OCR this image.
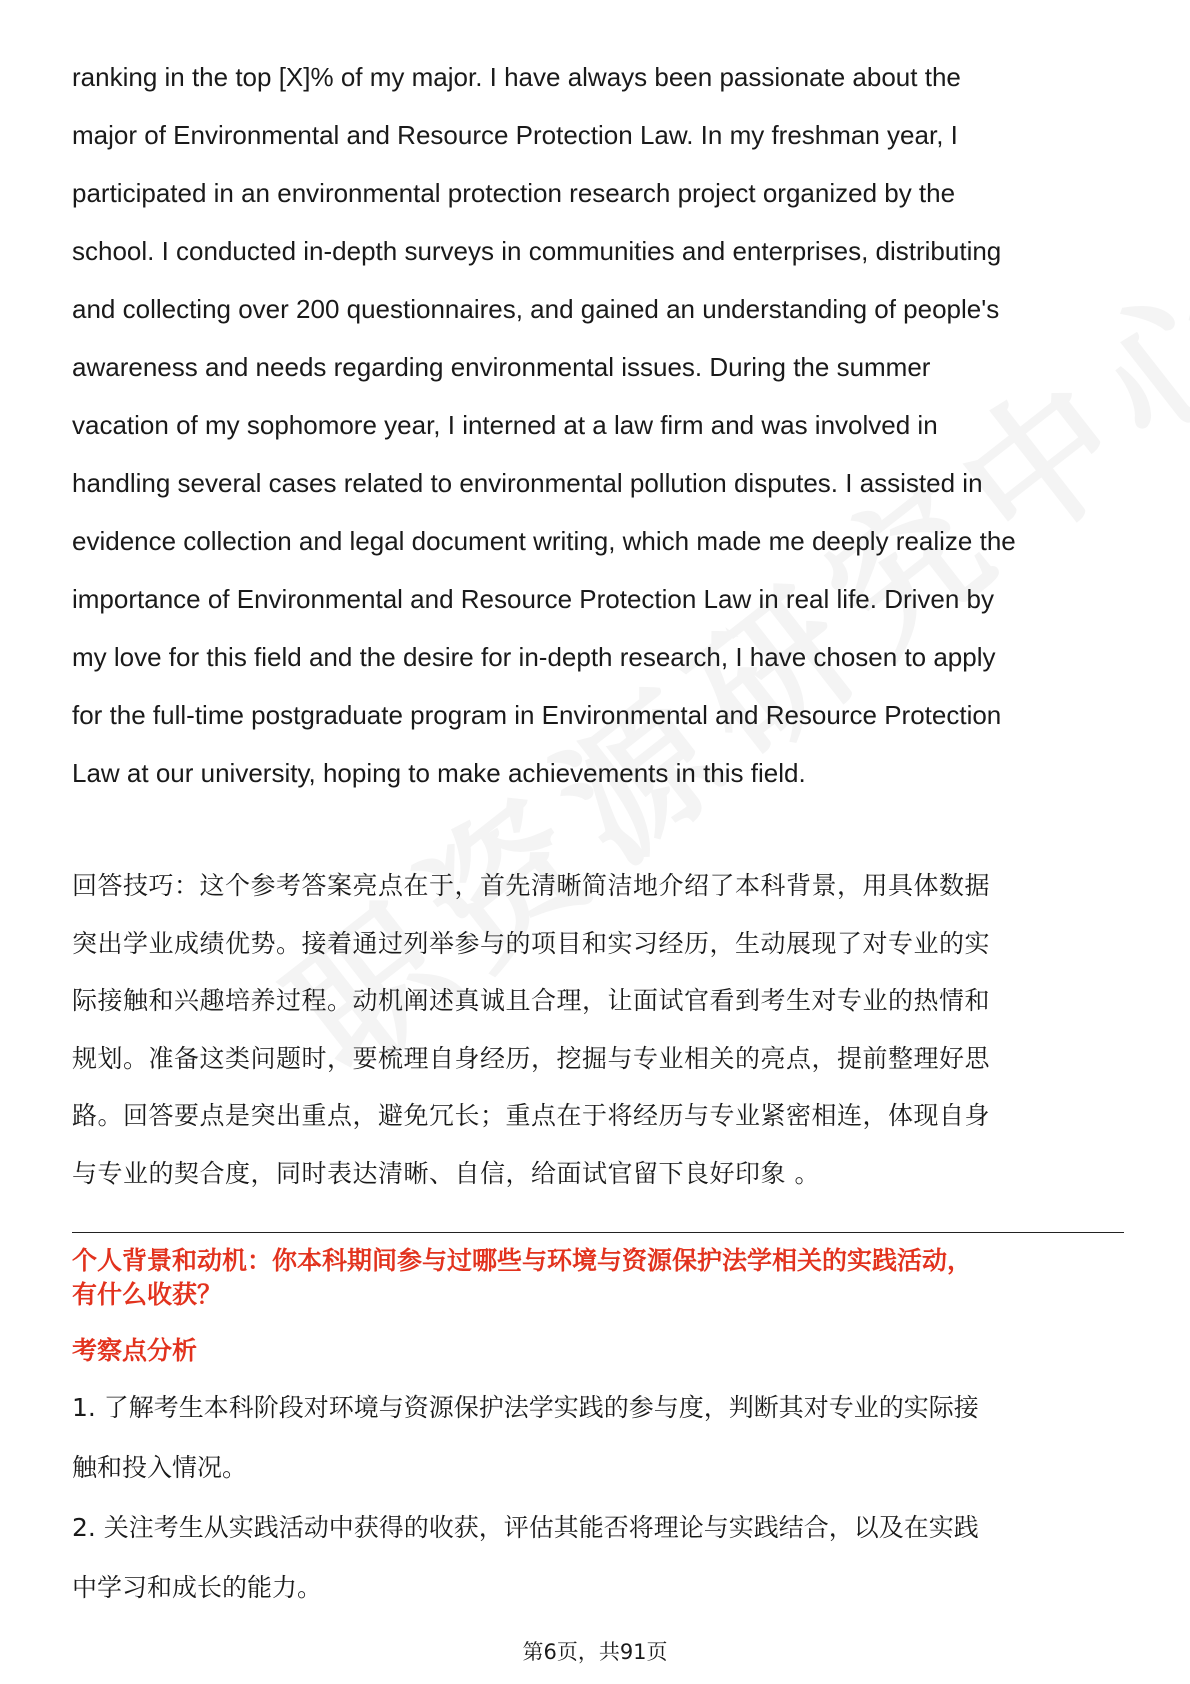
ranking in the top [X]% of my major. I have always been passionate about the
major of Environmental and Resource Protection Law. In my freshman year, I
participated in an environmental protection research project organized by the
school. I conducted in-depth surveys in communities and enterprises, distributing
and collecting over 200 questionnaires, and gained an understanding of people's
awareness and needs regarding environmental issues. During the summer
vacation of my sophomore year, I interned at a law firm and was involved in
handling several cases related to environmental pollution disputes. I assisted in
evidence collection and legal document writing, which made me deeply realize the
importance of Environmental and Resource Protection Law in real life. Driven by
my love for this field and the desire for in-depth research, I have chosen to apply
for the full-time postgraduate program in Environmental and Resource Protection
Law at our university, hoping to make achievements in this field.
回答技巧：这个参考答案亮点在于，首先清晰简洁地介绍了本科背景，用具体数据
突出学业成绩优势。接着通过列举参与的项目和实习经历，生动展现了对专业的实
际接触和兴趣培养过程。动机阐述真诚且合理，让面试官看到考生对专业的热情和
规划。准备这类问题时，要梳理自身经历，挖掘与专业相关的亮点，提前整理好思
路。回答要点是突出重点，避免冗长；重点在于将经历与专业紧密相连，体现自身
与专业的契合度，同时表达清晰、自信，给面试官留下良好印象 。
个人背景和动机：你本科期间参与过哪些与环境与资源保护法学相关的实践活动，
有什么收获？
考察点分析

1. 了解考生本科阶段对环境与资源保护法学实践的参与度，判断其对专业的实际接

触和投入情况。

2. 关注考生从实践活动中获得的收获，评估其能否将理论与实践结合，以及在实践

中学习和成长的能力。

第6页，共91页
